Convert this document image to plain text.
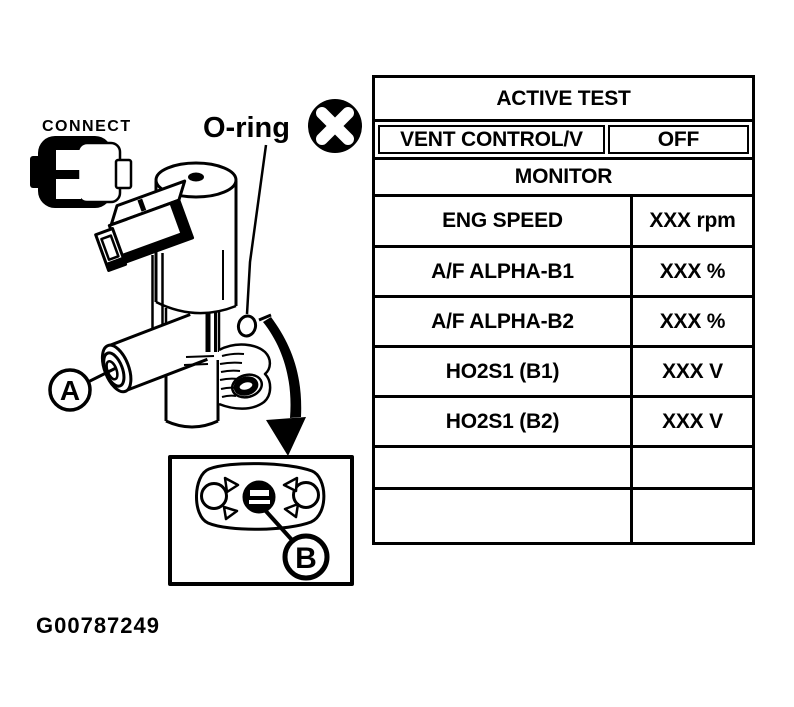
CONNECT O-ring
A
B
G00787249
ACTIVE TEST
VENT CONTROL/V	OFF
MONITOR
ENG SPEED	XXX rpm
A/F ALPHA-B1	XXX %
A/F ALPHA-B2	XXX %
HO2S1 (B1)	XXX V
HO2S1 (B2)	XXX V
